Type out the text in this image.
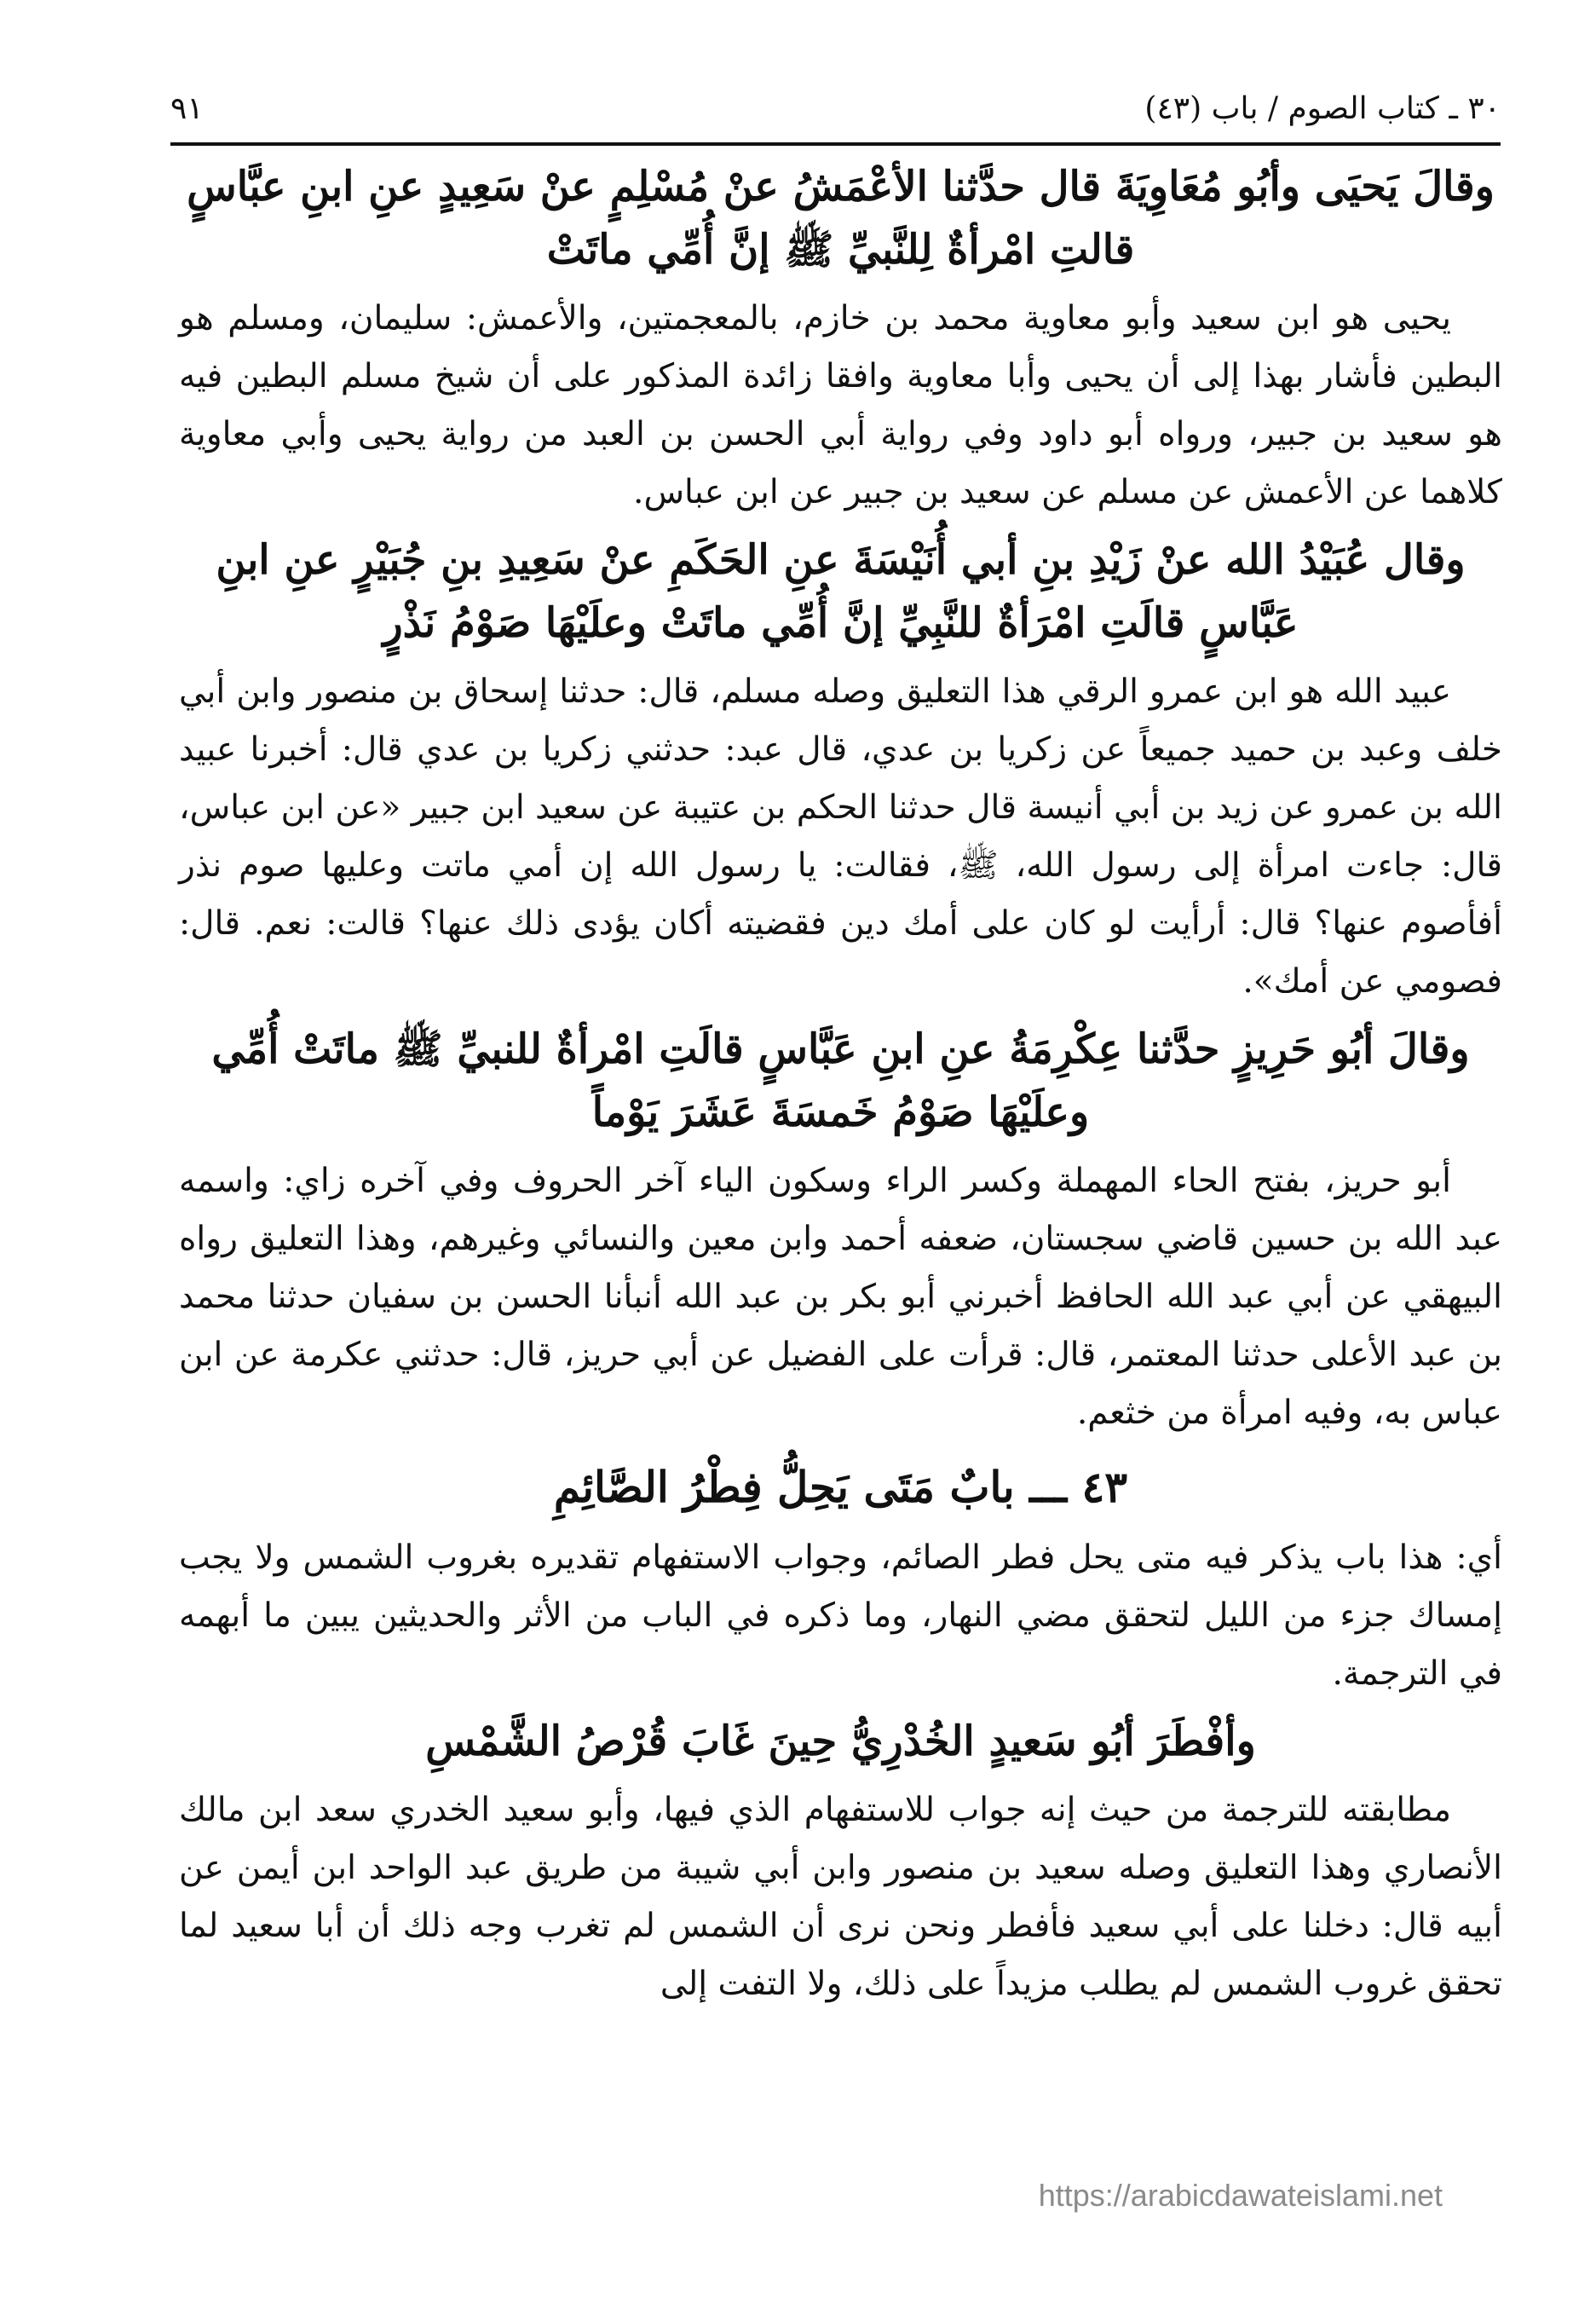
٩١	٣٠ ـ كتاب الصوم / باب (٤٣)
وقالَ يَحيَى وأبُو مُعَاوِيَةَ قال حدَّثنا الأعْمَشُ عنْ مُسْلِمٍ عنْ سَعِيدٍ عنِ ابنِ عبَّاسٍ قالتِ امْرأةٌ لِلنَّبيِّ ﷺ إنَّ أُمِّي ماتَتْ

يحيى هو ابن سعيد وأبو معاوية محمد بن خازم، بالمعجمتين، والأعمش: سليمان، ومسلم هو البطين فأشار بهذا إلى أن يحيى وأبا معاوية وافقا زائدة المذكور على أن شيخ مسلم البطين فيه هو سعيد بن جبير، ورواه أبو داود وفي رواية أبي الحسن بن العبد من رواية يحيى وأبي معاوية كلاهما عن الأعمش عن مسلم عن سعيد بن جبير عن ابن عباس.

وقال عُبَيْدُ الله عنْ زَيْدِ بنِ أبي أُنَيْسَةَ عنِ الحَكَمِ عنْ سَعِيدِ بنِ جُبَيْرٍ عنِ ابنِ عَبَّاسٍ قالَتِ امْرَأةٌ للنَّبِيِّ إنَّ أُمِّي ماتَتْ وعلَيْهَا صَوْمُ نَذْرٍ

عبيد الله هو ابن عمرو الرقي هذا التعليق وصله مسلم، قال: حدثنا إسحاق بن منصور وابن أبي خلف وعبد بن حميد جميعاً عن زكريا بن عدي، قال عبد: حدثني زكريا بن عدي قال: أخبرنا عبيد الله بن عمرو عن زيد بن أبي أنيسة قال حدثنا الحكم بن عتيبة عن سعيد ابن جبير «عن ابن عباس، قال: جاءت امرأة إلى رسول الله، ﷺ، فقالت: يا رسول الله إن أمي ماتت وعليها صوم نذر أفأصوم عنها؟ قال: أرأيت لو كان على أمك دين فقضيته أكان يؤدى ذلك عنها؟ قالت: نعم. قال: فصومي عن أمك».

وقالَ أبُو حَرِيزٍ حدَّثنا عِكْرِمَةُ عنِ ابنِ عَبَّاسٍ قالَتِ امْرأةٌ للنبيِّ ﷺ ماتَتْ أُمِّي وعلَيْهَا صَوْمُ خَمسَةَ عَشَرَ يَوْماً

أبو حريز، بفتح الحاء المهملة وكسر الراء وسكون الياء آخر الحروف وفي آخره زاي: واسمه عبد الله بن حسين قاضي سجستان، ضعفه أحمد وابن معين والنسائي وغيرهم، وهذا التعليق رواه البيهقي عن أبي عبد الله الحافظ أخبرني أبو بكر بن عبد الله أنبأنا الحسن بن سفيان حدثنا محمد بن عبد الأعلى حدثنا المعتمر، قال: قرأت على الفضيل عن أبي حريز، قال: حدثني عكرمة عن ابن عباس به، وفيه امرأة من خثعم.

٤٣ ـــ بابٌ مَتَى يَحِلُّ فِطْرُ الصَّائِمِ

أي: هذا باب يذكر فيه متى يحل فطر الصائم، وجواب الاستفهام تقديره بغروب الشمس ولا يجب إمساك جزء من الليل لتحقق مضي النهار، وما ذكره في الباب من الأثر والحديثين يبين ما أبهمه في الترجمة.

وأفْطَرَ أبُو سَعيدٍ الخُدْرِيُّ حِينَ غَابَ قُرْصُ الشَّمْسِ

مطابقته للترجمة من حيث إنه جواب للاستفهام الذي فيها، وأبو سعيد الخدري سعد ابن مالك الأنصاري وهذا التعليق وصله سعيد بن منصور وابن أبي شيبة من طريق عبد الواحد ابن أيمن عن أبيه قال: دخلنا على أبي سعيد فأفطر ونحن نرى أن الشمس لم تغرب وجه ذلك أن أبا سعيد لما تحقق غروب الشمس لم يطلب مزيداً على ذلك، ولا التفت إلى

https://arabicdawateislami.net
